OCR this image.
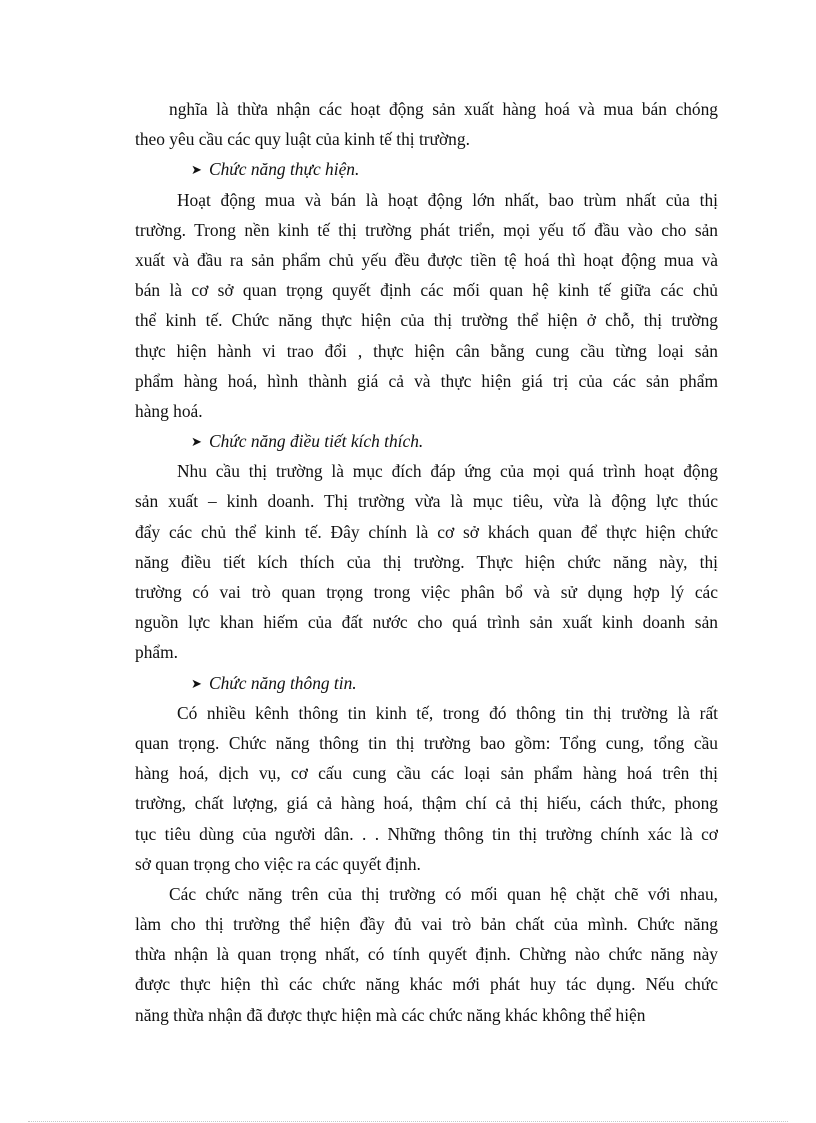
nghĩa là thừa nhận các hoạt động sản xuất hàng hoá và mua bán chóng
theo yêu cầu các quy luật của kinh tế thị trường.
➤ Chức năng thực hiện.
Hoạt động mua và bán là hoạt động lớn nhất, bao trùm nhất của thị
trường. Trong nền kinh tế thị trường phát triển, mọi yếu tố đầu vào cho sản
xuất và đầu ra sản phẩm chủ yếu đều được tiền tệ hoá thì hoạt động mua và
bán là cơ sở quan trọng quyết định các mối quan hệ kinh tế giữa các chủ
thể kinh tế. Chức năng thực hiện của thị trường thể hiện ở chỗ, thị trường
thực hiện hành vi trao đổi , thực hiện cân bằng cung cầu từng loại sản
phẩm hàng hoá, hình thành giá cả và thực hiện giá trị của các sản phẩm
hàng hoá.
➤ Chức năng điều tiết kích thích.
Nhu cầu thị trường là mục đích đáp ứng của mọi quá trình hoạt động
sản xuất – kinh doanh. Thị trường vừa là mục tiêu, vừa là động lực thúc
đẩy các chủ thể kinh tế. Đây chính là cơ sở khách quan để thực hiện chức
năng điều tiết kích thích của thị trường. Thực hiện chức năng này, thị
trường có vai trò quan trọng trong việc phân bổ và sử dụng hợp lý các
nguồn lực khan hiếm của đất nước cho quá trình sản xuất kinh doanh sản
phẩm.
➤ Chức năng thông tin.
Có nhiều kênh thông tin kinh tế, trong đó thông tin thị trường là rất
quan trọng. Chức năng thông tin thị trường bao gồm: Tổng cung, tổng cầu
hàng hoá, dịch vụ, cơ cấu cung cầu các loại sản phẩm hàng hoá trên thị
trường, chất lượng, giá cả hàng hoá, thậm chí cả thị hiếu, cách thức, phong
tục tiêu dùng của người dân. . . Những thông tin thị trường chính xác là cơ
sở quan trọng cho việc ra các quyết định.
Các chức năng trên của thị trường có mối quan hệ chặt chẽ với nhau,
làm cho thị trường thể hiện đầy đủ vai trò bản chất của mình. Chức năng
thừa nhận là quan trọng nhất, có tính quyết định. Chừng nào chức năng này
được thực hiện thì các chức năng khác mới phát huy tác dụng. Nếu chức
năng thừa nhận đã được thực hiện mà các chức năng khác không thể hiện
